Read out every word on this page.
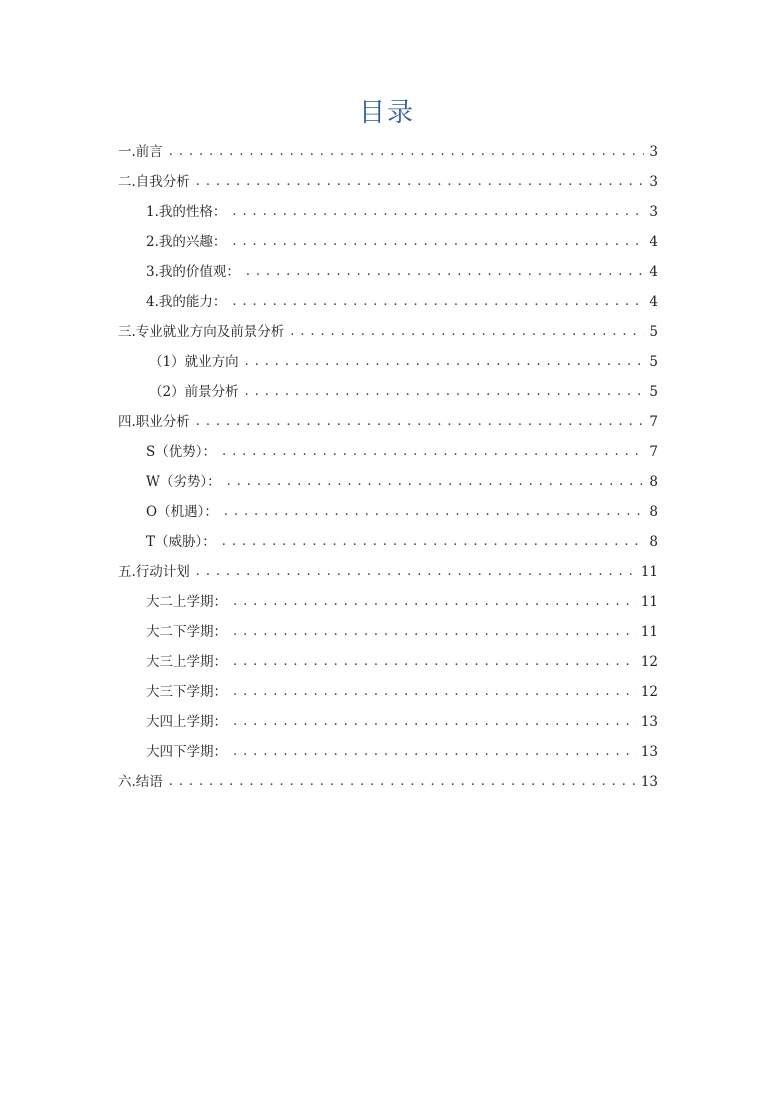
目录
一.前言 . . .	3
二.自我分析 . . .	3
1.我的性格： . . .	3
2.我的兴趣： . . .	4
3.我的价值观： . . .	4
4.我的能力： . . .	4
三.专业就业方向及前景分析 . . .	5
（1）就业方向 . . .	5
（2）前景分析 . . .	5
四.职业分析 . . .	7
S（优势）： . . .	7
W（劣势）： . . .	8
O（机遇）： . . .	8
T（威胁）： . . .	8
五.行动计划 . . .	11
大二上学期： . . .	11
大二下学期： . . .	11
大三上学期： . . .	12
大三下学期： . . .	12
大四上学期： . . .	13
大四下学期： . . .	13
六.结语 . . .	13
